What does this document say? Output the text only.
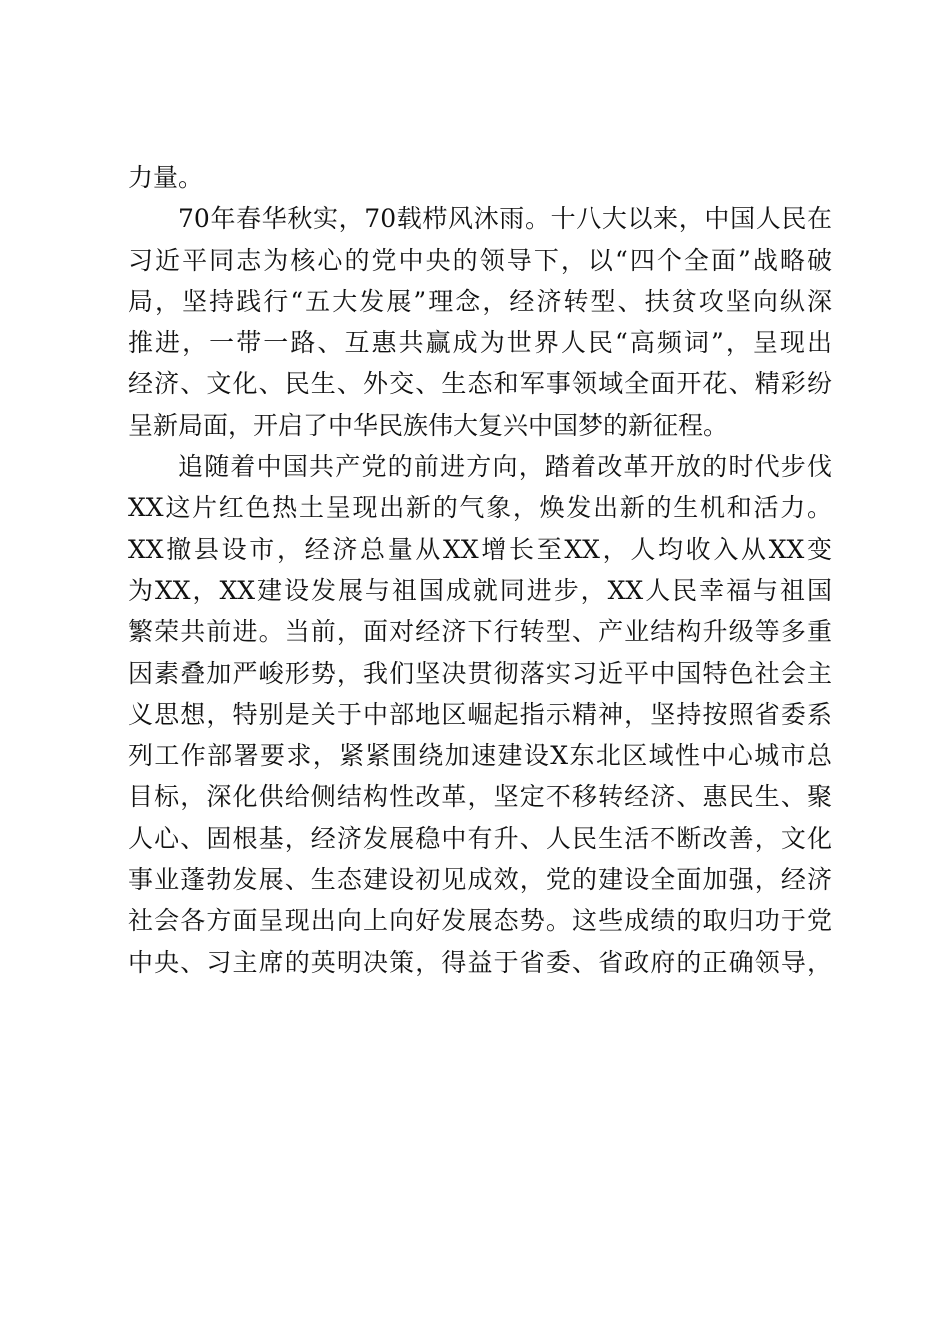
力量。
70年春华秋实，70载栉风沐雨。十八大以来，中国人民在
习近平同志为核心的党中央的领导下，以“四个全面”战略破
局，坚持践行“五大发展”理念，经济转型、扶贫攻坚向纵深
推进，一带一路、互惠共赢成为世界人民“高频词”，呈现出
经济、文化、民生、外交、生态和军事领域全面开花、精彩纷
呈新局面，开启了中华民族伟大复兴中国梦的新征程。
追随着中国共产党的前进方向，踏着改革开放的时代步伐
XX这片红色热土呈现出新的气象，焕发出新的生机和活力。
XX撤县设市，经济总量从XX增长至XX，人均收入从XX变
为XX，XX建设发展与祖国成就同进步，XX人民幸福与祖国
繁荣共前进。当前，面对经济下行转型、产业结构升级等多重
因素叠加严峻形势，我们坚决贯彻落实习近平中国特色社会主
义思想，特别是关于中部地区崛起指示精神，坚持按照省委系
列工作部署要求，紧紧围绕加速建设X东北区域性中心城市总
目标，深化供给侧结构性改革，坚定不移转经济、惠民生、聚
人心、固根基，经济发展稳中有升、人民生活不断改善，文化
事业蓬勃发展、生态建设初见成效，党的建设全面加强，经济
社会各方面呈现出向上向好发展态势。这些成绩的取归功于党
中央、习主席的英明决策，得益于省委、省政府的正确领导，
